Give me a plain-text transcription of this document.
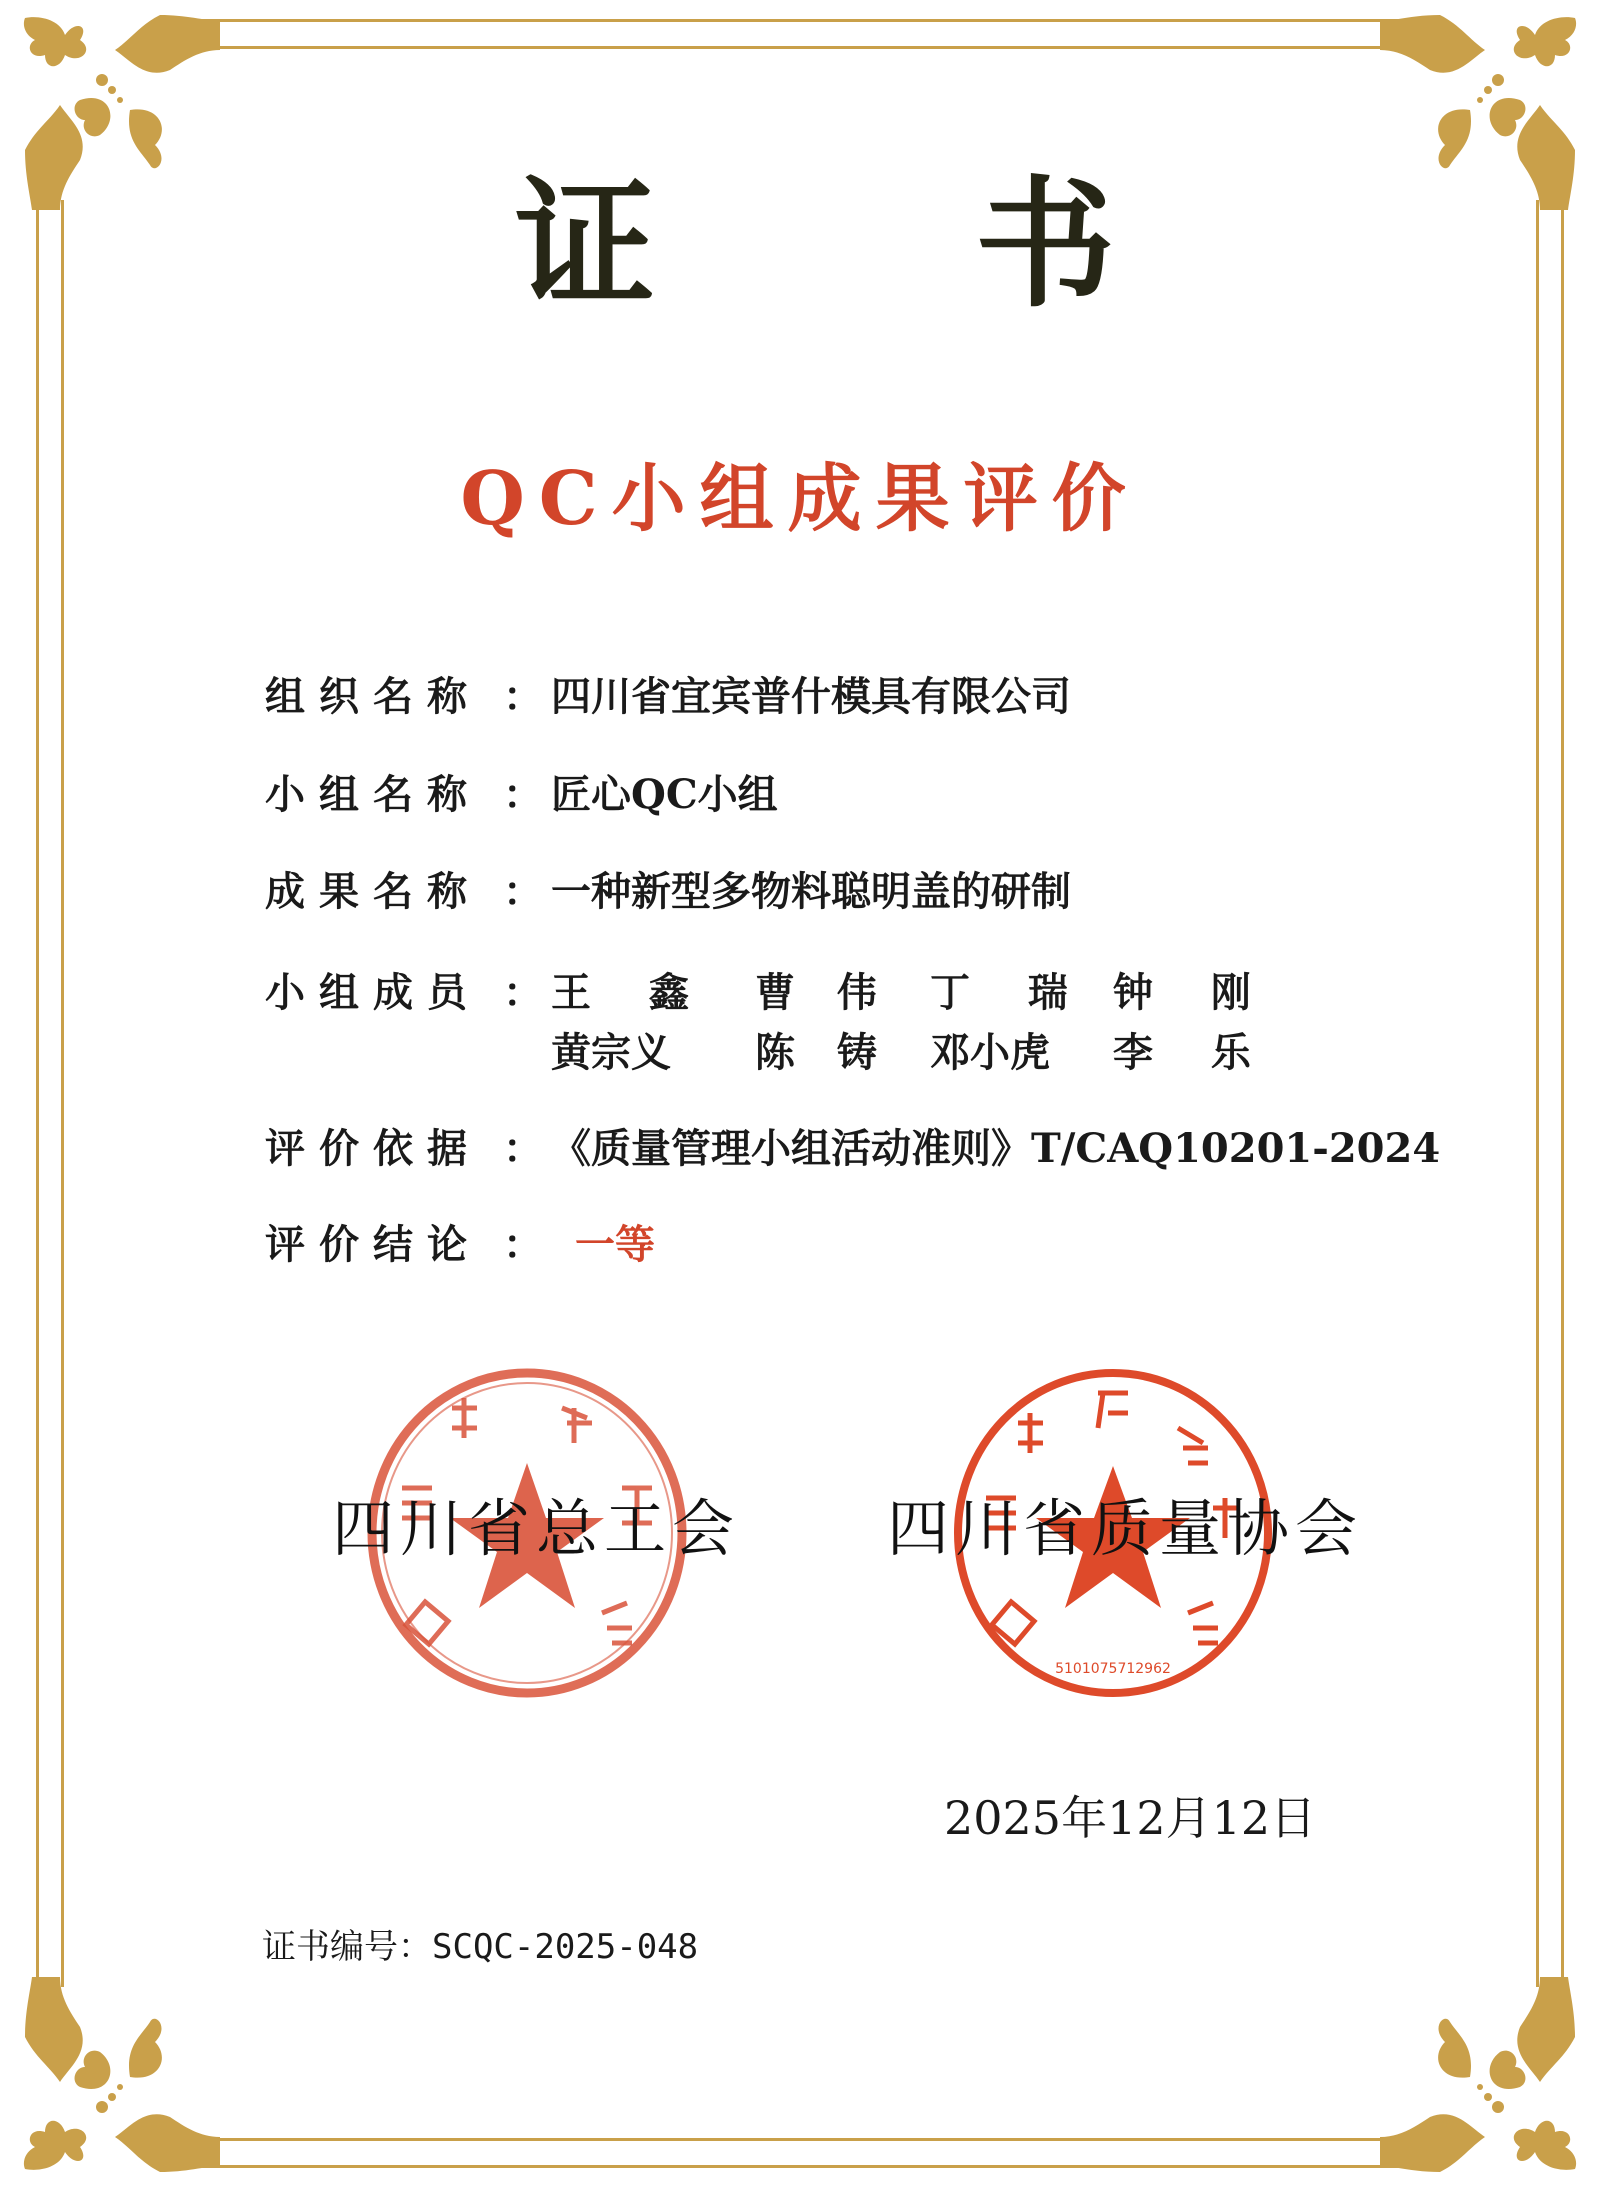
证 书
QC小组成果评价
组织名称 ： 四川省宜宾普什模具有限公司
小组名称 ： 匠心QC小组
成果名称 ： 一种新型多物料聪明盖的研制
小组成员 ： 王 鑫 曹 伟 丁 瑞 钟 刚
黄宗义 陈 铸 邓小虎 李 乐
评价依据 ： 《质量管理小组活动准则》T/CAQ10201-2024
评价结论 ： 一等
5101075712962
四川省总工会 四川省质量协会
2025年12月12日
证书编号：SCQC-2025-048
